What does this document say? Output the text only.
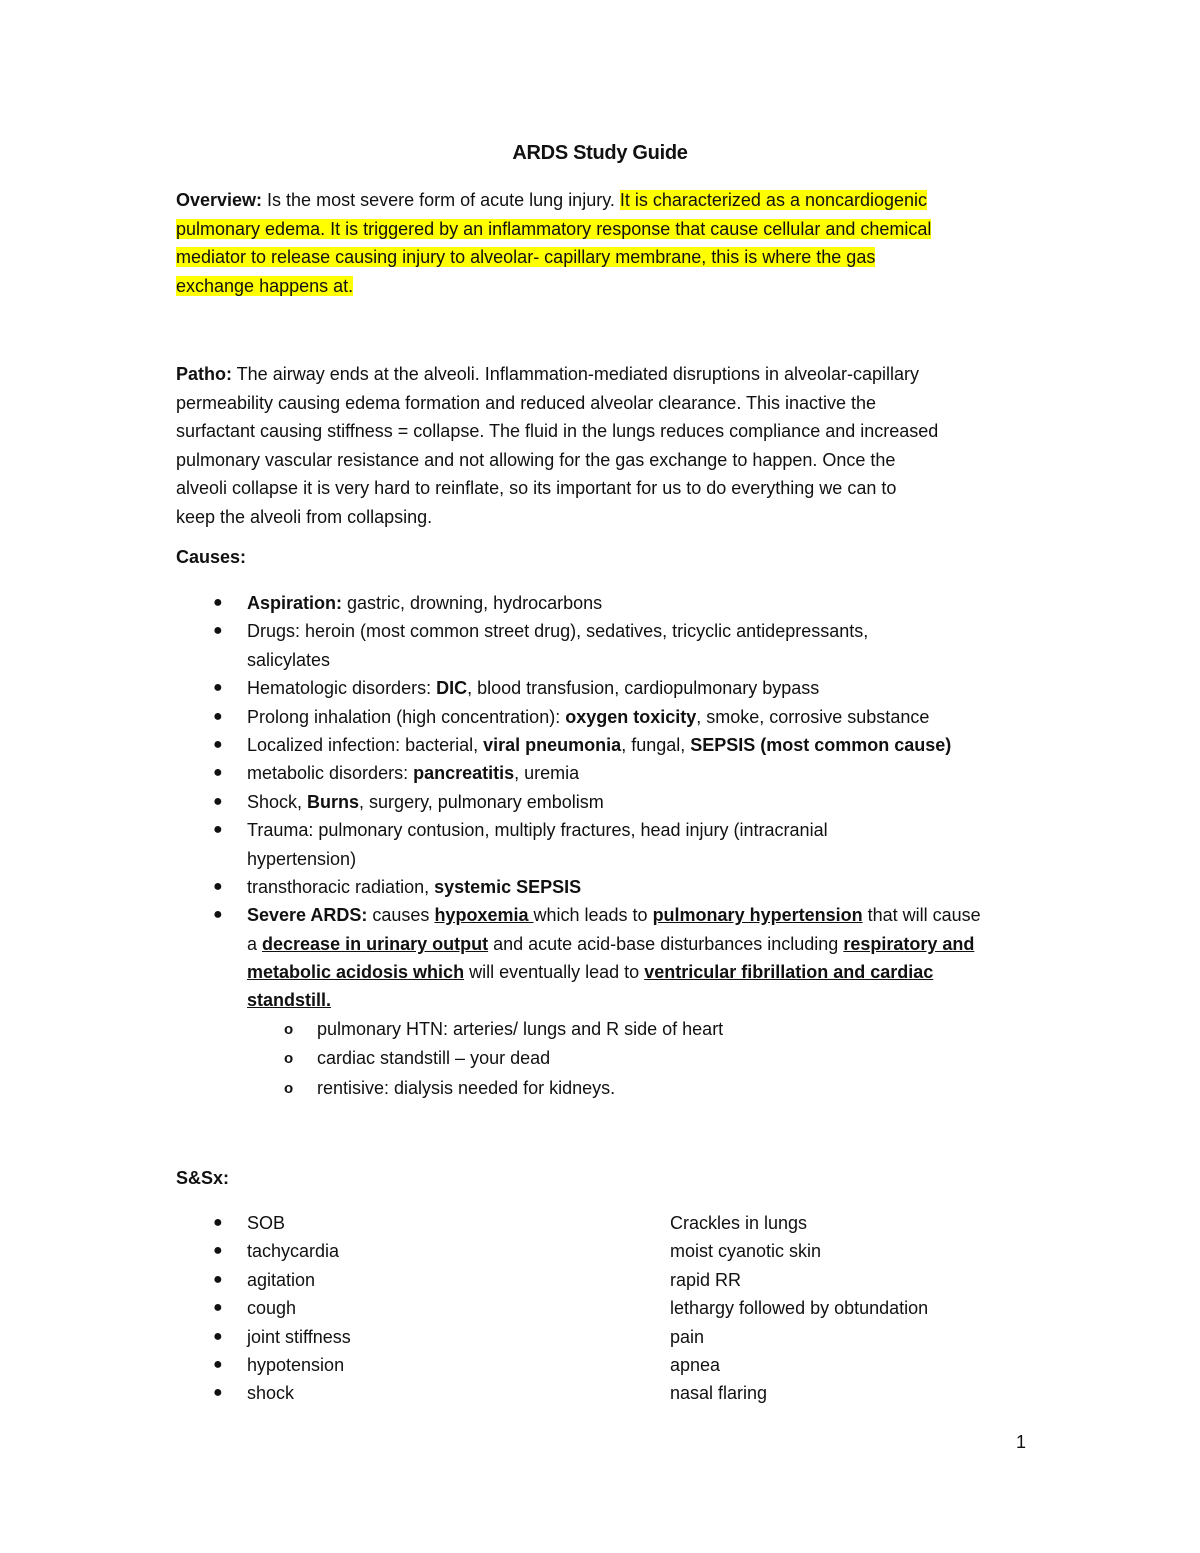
ARDS Study Guide
Overview: Is the most severe form of acute lung injury. It is characterized as a noncardiogenic
pulmonary edema. It is triggered by an inflammatory response that cause cellular and chemical
mediator to release causing injury to alveolar- capillary membrane, this is where the gas
exchange happens at.
Patho: The airway ends at the alveoli. Inflammation-mediated disruptions in alveolar-capillary
permeability causing edema formation and reduced alveolar clearance. This inactive the
surfactant causing stiffness = collapse. The fluid in the lungs reduces compliance and increased
pulmonary vascular resistance and not allowing for the gas exchange to happen. Once the
alveoli collapse it is very hard to reinflate, so its important for us to do everything we can to
keep the alveoli from collapsing.
Causes:
● Aspiration: gastric, drowning, hydrocarbons
● Drugs: heroin (most common street drug), sedatives, tricyclic antidepressants,
salicylates
● Hematologic disorders: DIC, blood transfusion, cardiopulmonary bypass
● Prolong inhalation (high concentration): oxygen toxicity, smoke, corrosive substance
● Localized infection: bacterial, viral pneumonia, fungal, SEPSIS (most common cause)
● metabolic disorders: pancreatitis, uremia
● Shock, Burns, surgery, pulmonary embolism
● Trauma: pulmonary contusion, multiply fractures, head injury (intracranial
hypertension)
● transthoracic radiation, systemic SEPSIS
● Severe ARDS: causes hypoxemia which leads to pulmonary hypertension that will cause
a decrease in urinary output and acute acid-base disturbances including respiratory and
metabolic acidosis which will eventually lead to ventricular fibrillation and cardiac
standstill.
o pulmonary HTN: arteries/ lungs and R side of heart
o cardiac standstill – your dead
o rentisive: dialysis needed for kidneys.
S&Sx:
● SOB
● tachycardia
● agitation
● cough
● joint stiffness
● hypotension
● shock
Crackles in lungs
moist cyanotic skin
rapid RR
lethargy followed by obtundation
pain
apnea
nasal flaring
1
